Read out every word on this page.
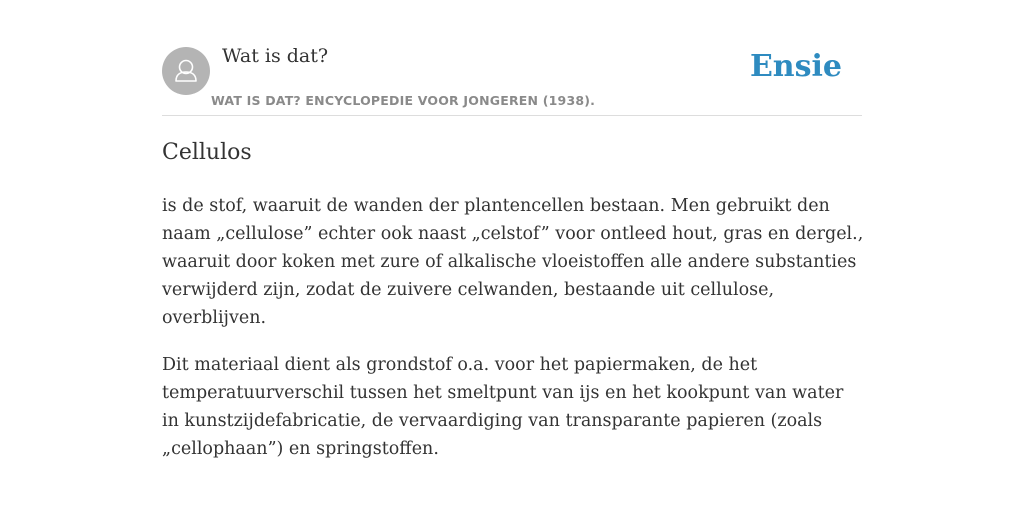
Wat is dat?
WAT IS DAT? ENCYCLOPEDIE VOOR JONGEREN (1938).
Ensie
Cellulos

is de stof, waaruit de wanden der plantencellen bestaan. Men gebruikt den naam „cellulose” echter ook naast „celstof” voor ontleed hout, gras en dergel., waaruit door koken met zure of alkalische vloeistoffen alle andere substanties verwijderd zijn, zodat de zuivere celwanden, bestaande uit cellulose, overblijven.

Dit materiaal dient als grondstof o.a. voor het papiermaken, de het temperatuurverschil tussen het smeltpunt van ijs en het kookpunt van water in kunstzijdefabricatie, de vervaardiging van transparante papieren (zoals „cellophaan”) en springstoffen.
